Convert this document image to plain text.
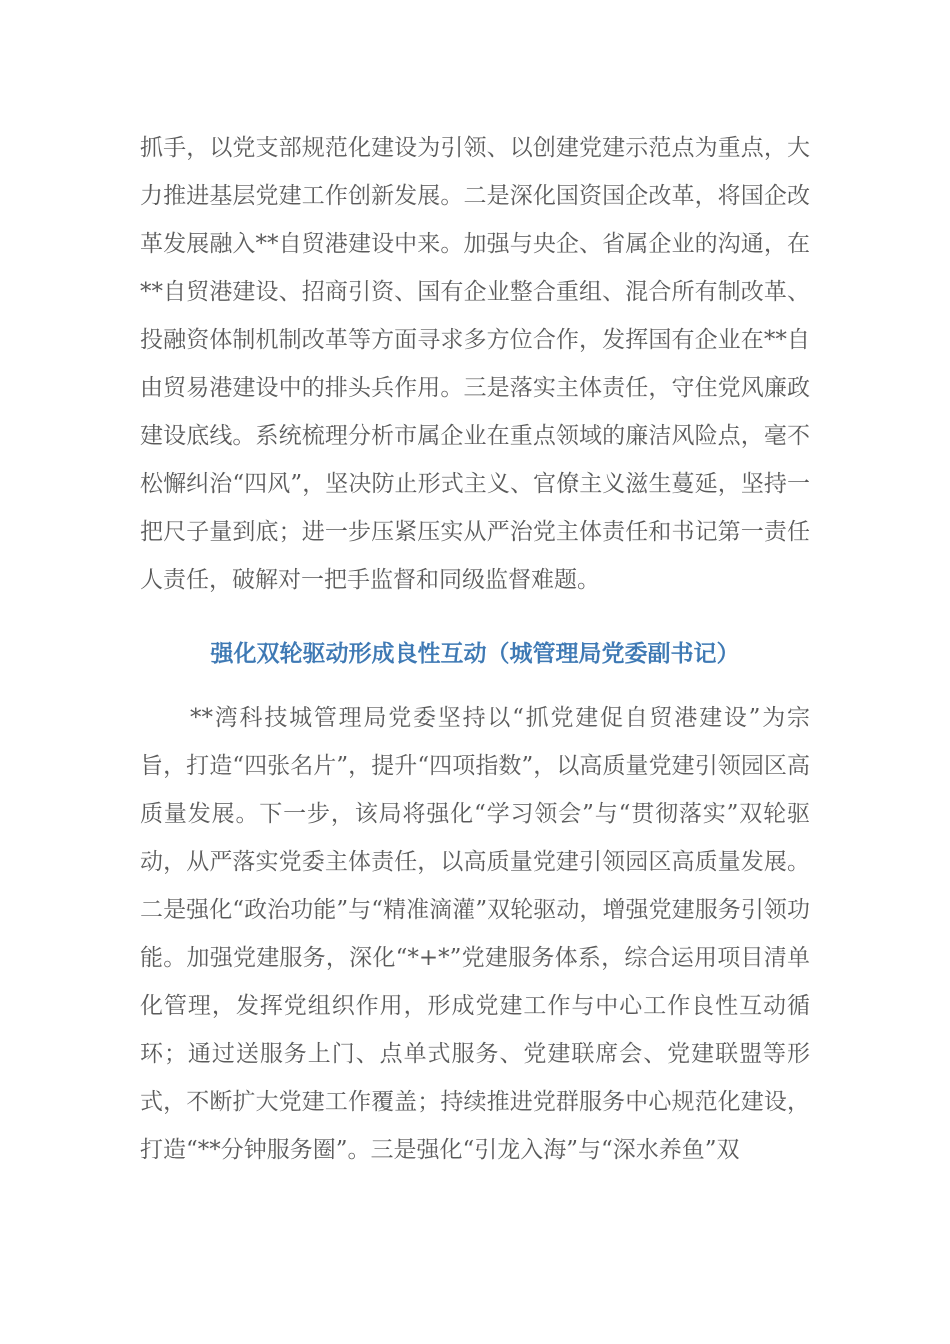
抓手，以党支部规范化建设为引领、以创建党建示范点为重点，大力推进基层党建工作创新发展。二是深化国资国企改革，将国企改革发展融入**自贸港建设中来。加强与央企、省属企业的沟通，在**自贸港建设、招商引资、国有企业整合重组、混合所有制改革、投融资体制机制改革等方面寻求多方位合作，发挥国有企业在**自由贸易港建设中的排头兵作用。三是落实主体责任，守住党风廉政建设底线。系统梳理分析市属企业在重点领域的廉洁风险点，毫不松懈纠治“四风”，坚决防止形式主义、官僚主义滋生蔓延，坚持一把尺子量到底；进一步压紧压实从严治党主体责任和书记第一责任人责任，破解对一把手监督和同级监督难题。

强化双轮驱动形成良性互动（城管理局党委副书记）

**湾科技城管理局党委坚持以“抓党建促自贸港建设”为宗旨，打造“四张名片”，提升“四项指数”，以高质量党建引领园区高质量发展。下一步，该局将强化“学习领会”与“贯彻落实”双轮驱动，从严落实党委主体责任，以高质量党建引领园区高质量发展。二是强化“政治功能”与“精准滴灌”双轮驱动，增强党建服务引领功能。加强党建服务，深化“*+*”党建服务体系，综合运用项目清单化管理，发挥党组织作用，形成党建工作与中心工作良性互动循环；通过送服务上门、点单式服务、党建联席会、党建联盟等形式，不断扩大党建工作覆盖；持续推进党群服务中心规范化建设，打造“**分钟服务圈”。三是强化“引龙入海”与“深水养鱼”双
